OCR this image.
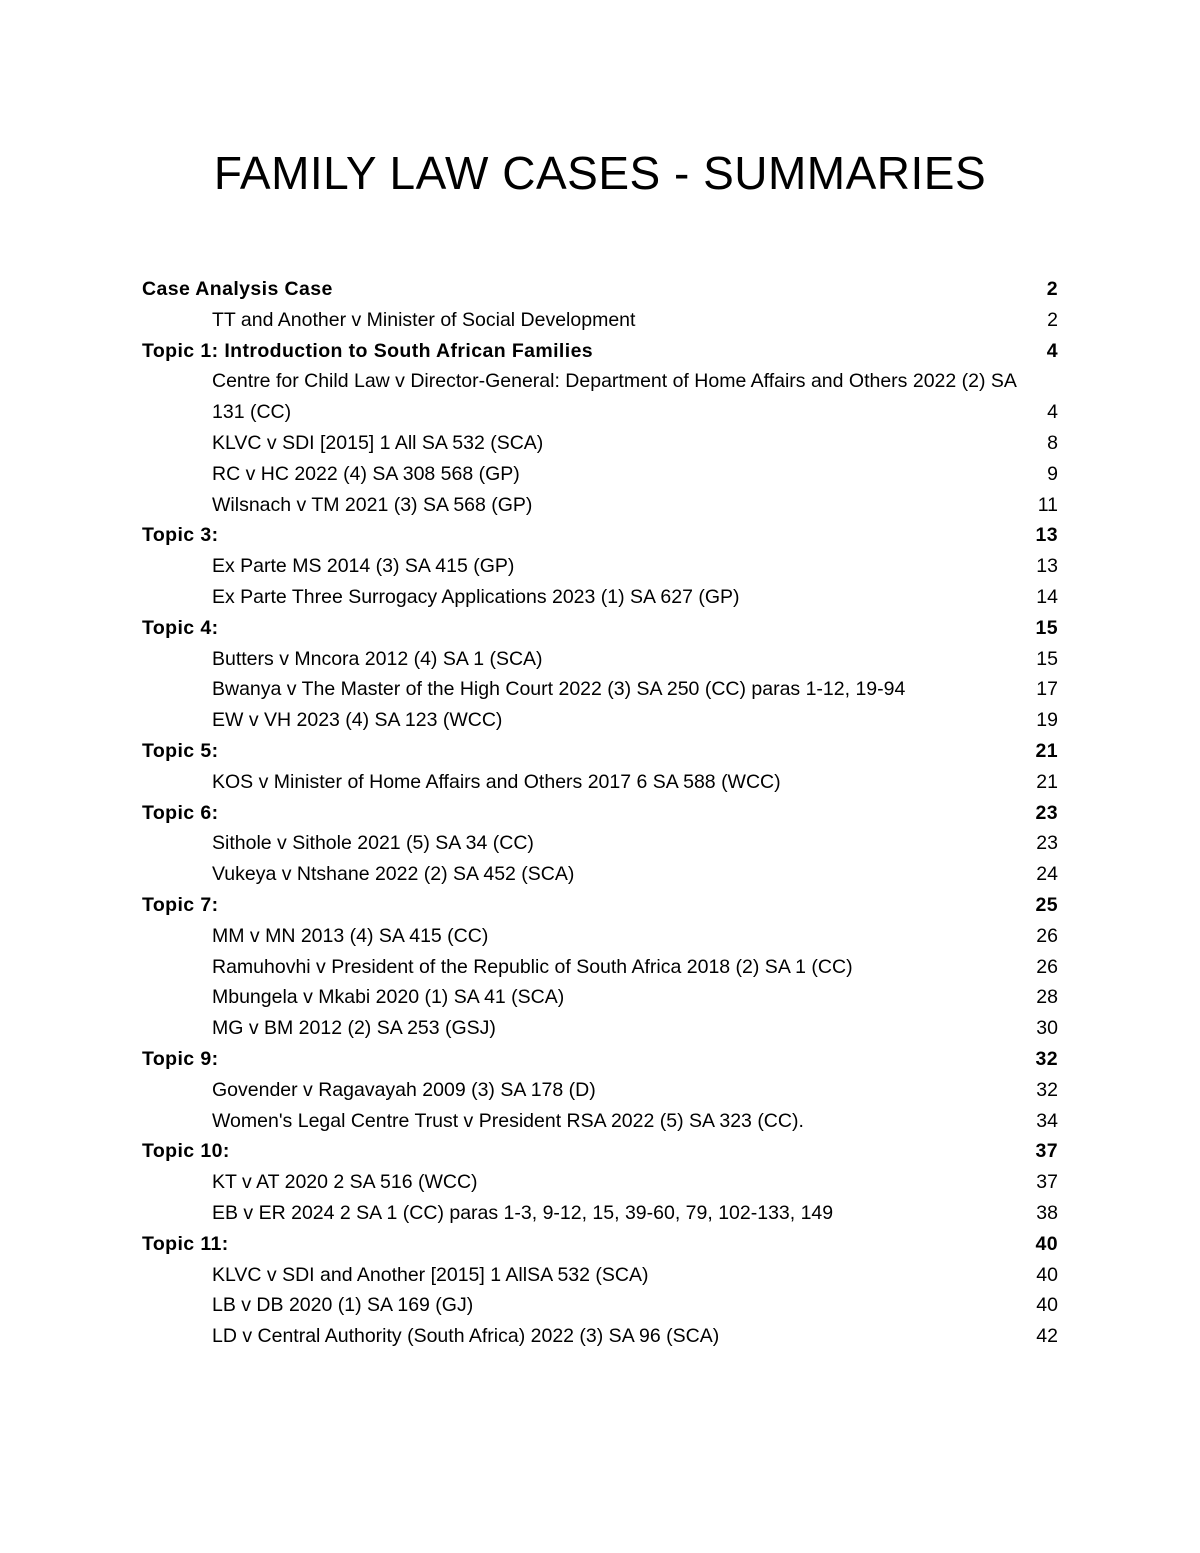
FAMILY LAW CASES - SUMMARIES
Case Analysis Case	2
TT and Another v Minister of Social Development	2
Topic 1: Introduction to South African Families	4
Centre for Child Law v Director-General: Department of Home Affairs and Others 2022 (2) SA 131 (CC)	4
KLVC v SDI [2015] 1 All SA 532 (SCA)	8
RC v HC 2022 (4) SA 308 568 (GP)	9
Wilsnach v TM 2021 (3) SA 568 (GP)	11
Topic 3:	13
Ex Parte MS 2014 (3) SA 415 (GP)	13
Ex Parte Three Surrogacy Applications 2023 (1) SA 627 (GP)	14
Topic 4:	15
Butters v Mncora 2012 (4) SA 1 (SCA)	15
Bwanya v The Master of the High Court 2022 (3) SA 250 (CC) paras 1-12, 19-94	17
EW v VH 2023 (4) SA 123 (WCC)	19
Topic 5:	21
KOS v Minister of Home Affairs and Others 2017 6 SA 588 (WCC)	21
Topic 6:	23
Sithole v Sithole 2021 (5) SA 34 (CC)	23
Vukeya v Ntshane 2022 (2) SA 452 (SCA)	24
Topic 7:	25
MM v MN 2013 (4) SA 415 (CC)	26
Ramuhovhi v President of the Republic of South Africa 2018 (2) SA 1 (CC)	26
Mbungela v Mkabi 2020 (1) SA 41 (SCA)	28
MG v BM 2012 (2) SA 253 (GSJ)	30
Topic 9:	32
Govender v Ragavayah 2009 (3) SA 178 (D)	32
Women's Legal Centre Trust v President RSA 2022 (5) SA 323 (CC).	34
Topic 10:	37
KT v AT 2020 2 SA 516 (WCC)	37
EB v ER 2024 2 SA 1 (CC) paras 1-3, 9-12, 15, 39-60, 79, 102-133, 149	38
Topic 11:	40
KLVC v SDI and Another [2015] 1 AllSA 532 (SCA)	40
LB v DB 2020 (1) SA 169 (GJ)	40
LD v Central Authority (South Africa) 2022 (3) SA 96 (SCA)	42
